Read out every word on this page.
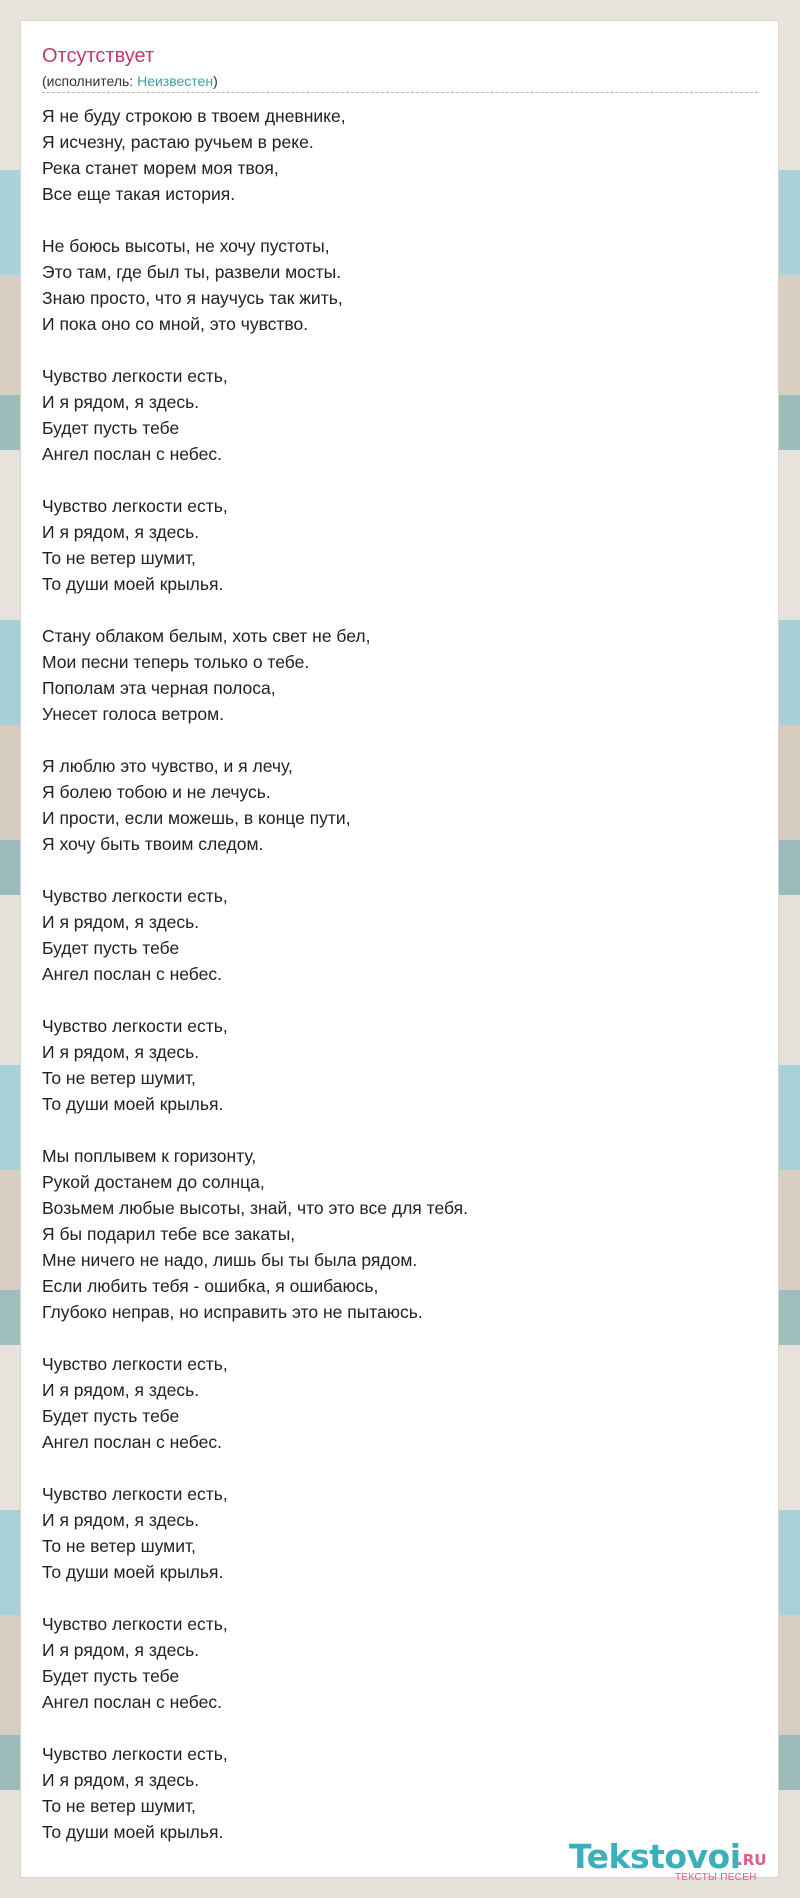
Отсутствует
(исполнитель: Неизвестен)
Я не буду строкою в твоем дневнике,
Я исчезну, растаю ручьем в реке.
Река станет морем моя твоя,
Все еще такая история.
Не боюсь высоты, не хочу пустоты,
Это там, где был ты, развели мосты.
Знаю просто, что я научусь так жить,
И пока оно со мной, это чувство.
Чувство легкости есть,
И я рядом, я здесь.
Будет пусть тебе
Ангел послан с небес.
Чувство легкости есть,
И я рядом, я здесь.
То не ветер шумит,
То души моей крылья.
Стану облаком белым, хоть свет не бел,
Мои песни теперь только о тебе.
Пополам эта черная полоса,
Унесет голоса ветром.
Я люблю это чувство, и я лечу,
Я болею тобою и не лечусь.
И прости, если можешь, в конце пути,
Я хочу быть твоим следом.
Чувство легкости есть,
И я рядом, я здесь.
Будет пусть тебе
Ангел послан с небес.
Чувство легкости есть,
И я рядом, я здесь.
То не ветер шумит,
То души моей крылья.
Мы поплывем к горизонту,
Рукой достанем до солнца,
Возьмем любые высоты, знай, что это все для тебя.
Я бы подарил тебе все закаты,
Мне ничего не надо, лишь бы ты была рядом.
Если любить тебя - ошибка, я ошибаюсь,
Глубоко неправ, но исправить это не пытаюсь.
Чувство легкости есть,
И я рядом, я здесь.
Будет пусть тебе
Ангел послан с небес.
Чувство легкости есть,
И я рядом, я здесь.
То не ветер шумит,
То души моей крылья.
Чувство легкости есть,
И я рядом, я здесь.
Будет пусть тебе
Ангел послан с небес.
Чувство легкости есть,
И я рядом, я здесь.
То не ветер шумит,
То души моей крылья.
Tekstovoi
.RU
ТЕКСТЫ ПЕСЕН
